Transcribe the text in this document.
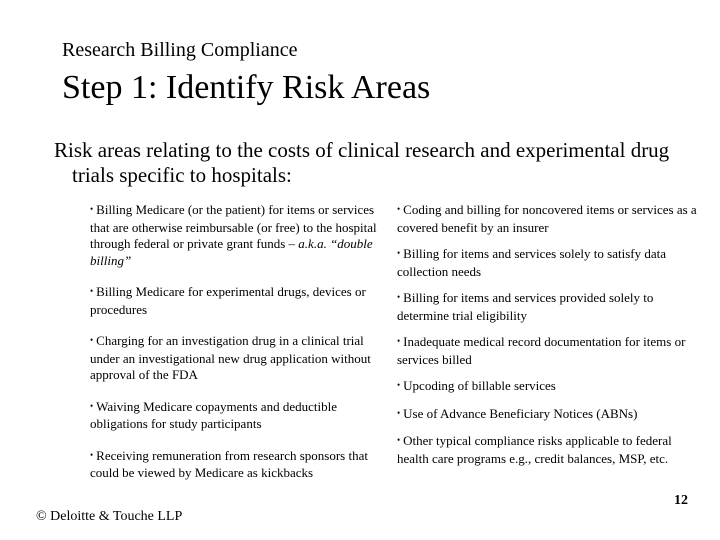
Research Billing Compliance
Step 1: Identify Risk Areas
Risk areas relating to the costs of clinical research and experimental drug trials specific to hospitals:
• Billing Medicare (or the patient) for items or services that are otherwise reimbursable (or free) to the hospital through federal or private grant funds – a.k.a. “double billing”
• Billing Medicare for experimental drugs, devices or procedures
• Charging for an investigation drug in a clinical trial under an investigational new drug application without approval of the FDA
• Waiving Medicare copayments and deductible obligations for study participants
• Receiving remuneration from research sponsors that could be viewed by Medicare as kickbacks
• Coding and billing for noncovered items or services as a covered benefit by an insurer
• Billing for items and services solely to satisfy data collection needs
• Billing for items and services provided solely to determine trial eligibility
• Inadequate medical record documentation for items or services billed
• Upcoding of billable services
• Use of Advance Beneficiary Notices (ABNs)
• Other typical compliance risks applicable to federal health care programs e.g., credit balances, MSP, etc.
12
© Deloitte & Touche LLP
